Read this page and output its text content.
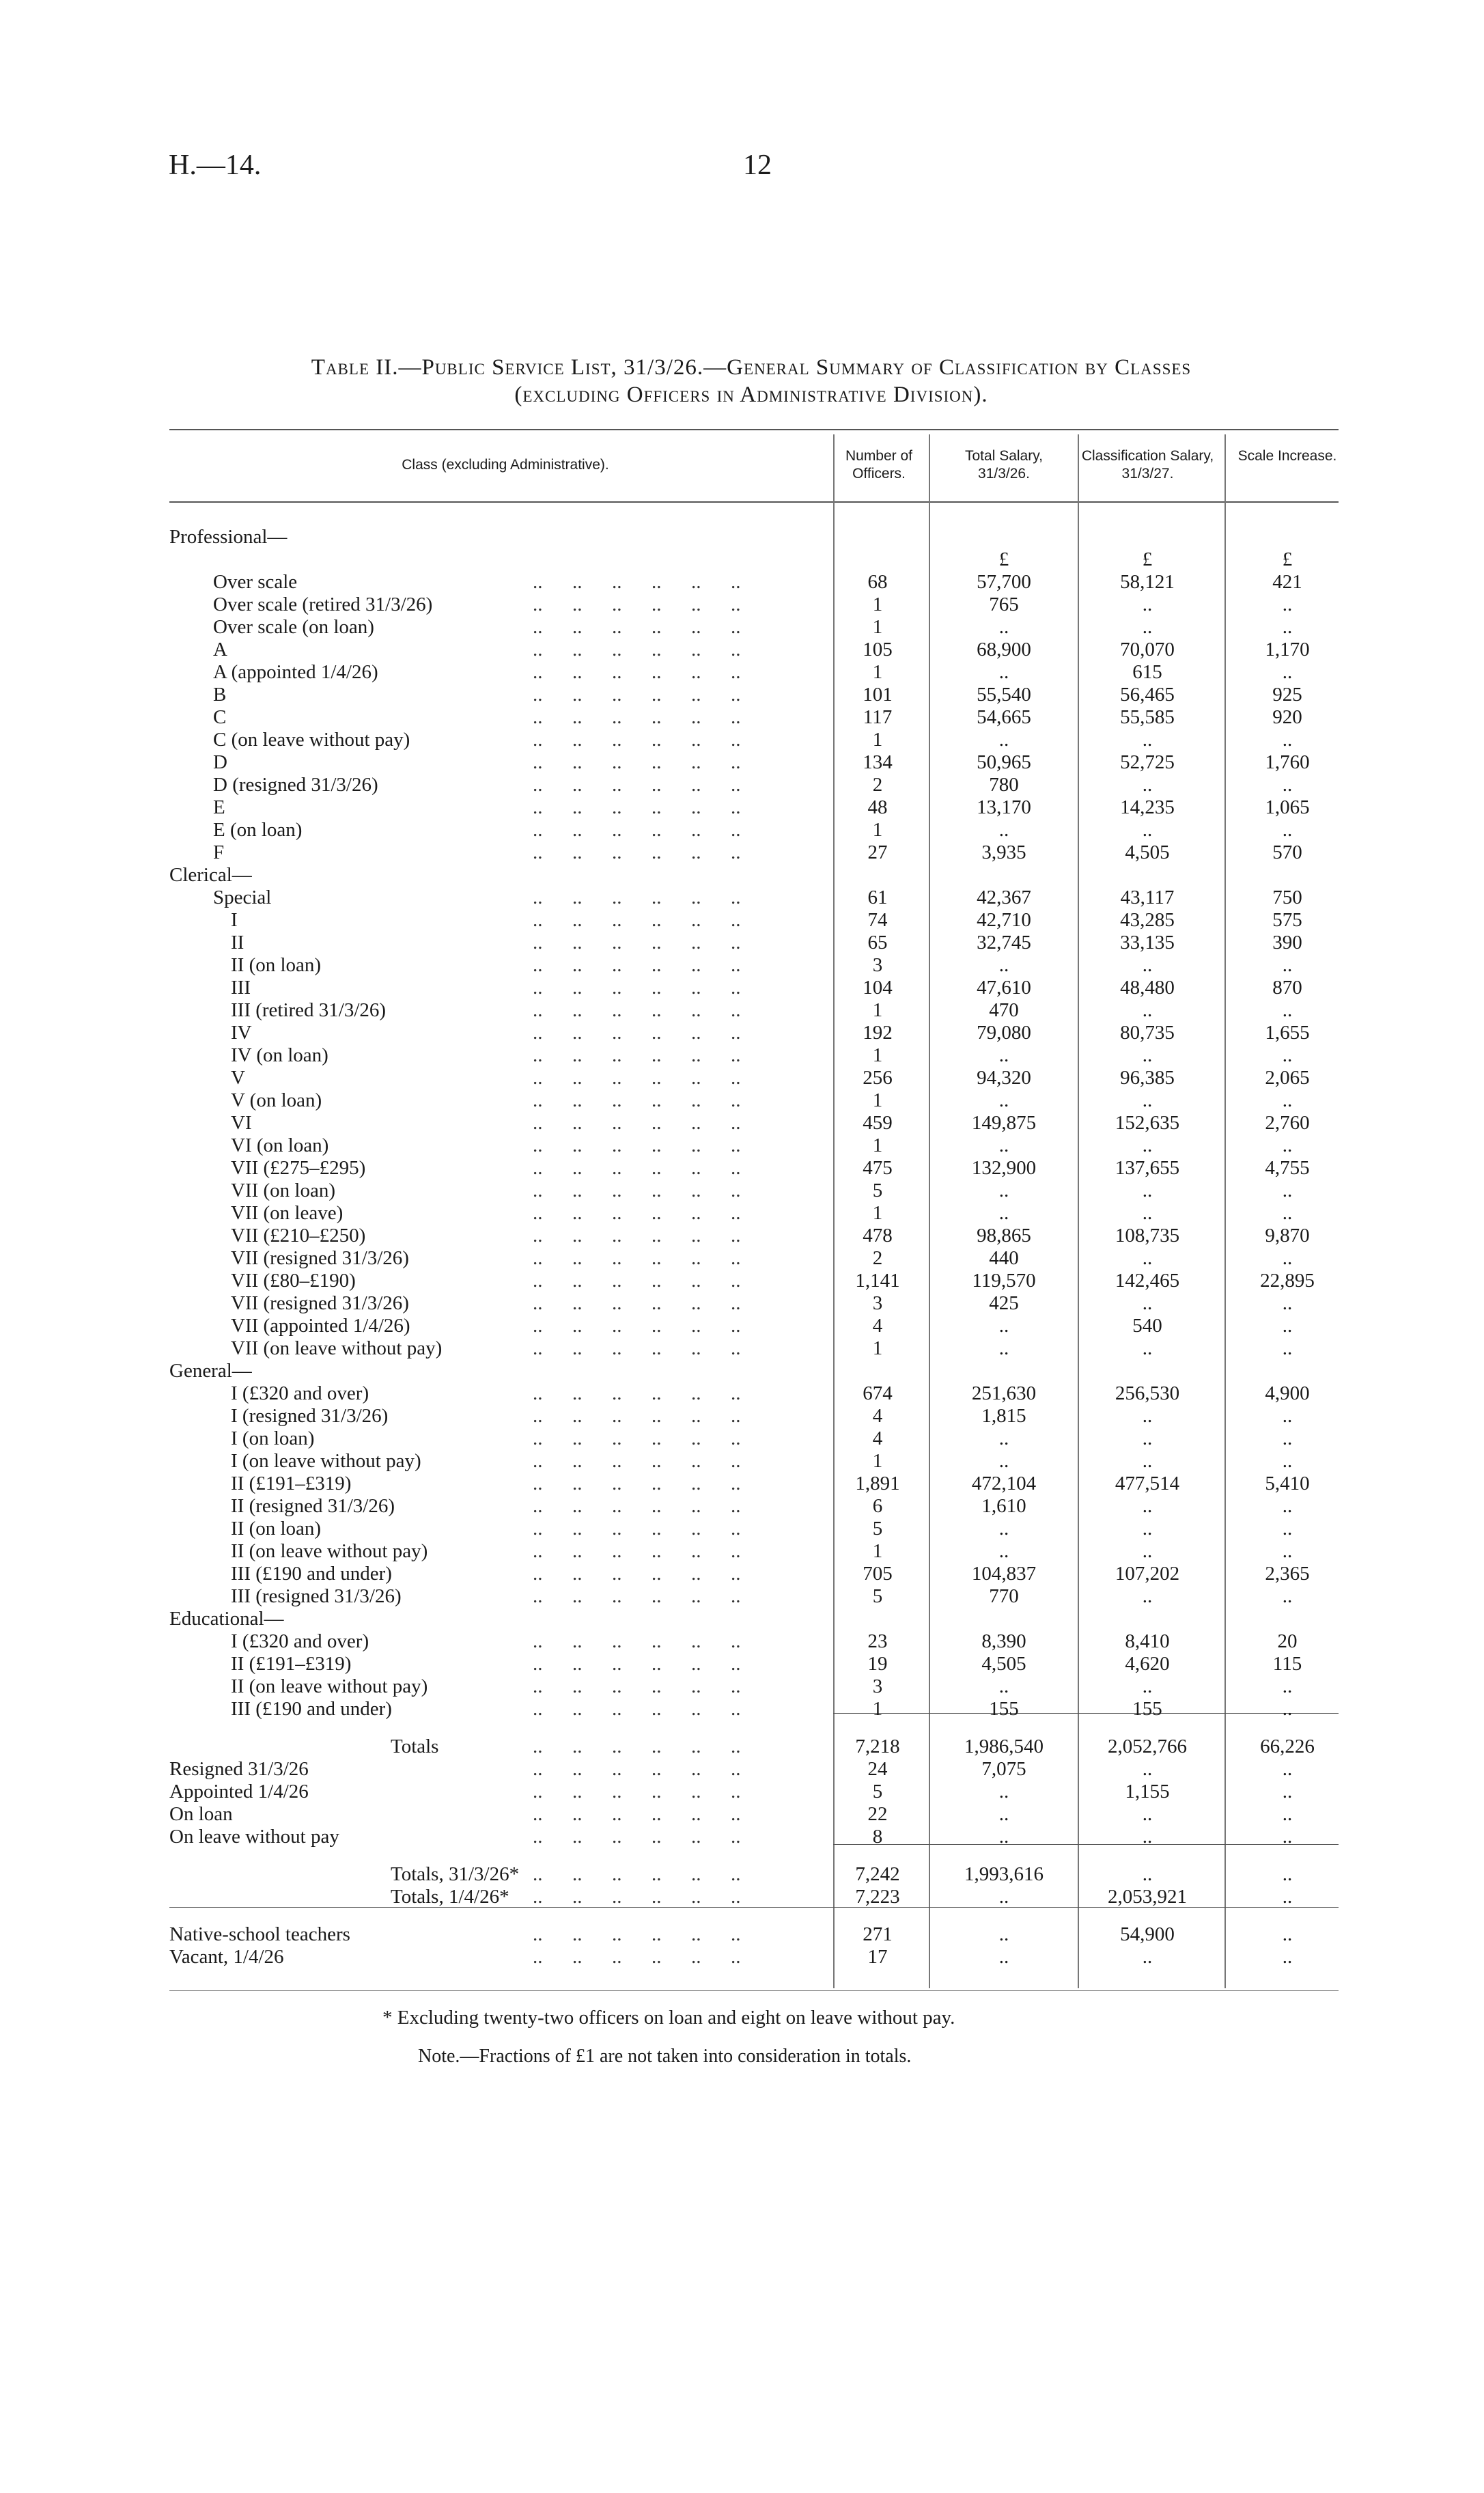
H.—14.	12
Table II.—Public Service List, 31/3/26.—General Summary of Classification by Classes
(excluding Officers in Administrative Division).
Class (excluding Administrative).
Number of Officers.
Total Salary, 31/3/26.
Classification Salary, 31/3/27.
Scale Increase.
Professional—
£	£	£
Over scale	..      ..      ..      ..      ..      ..	68	57,700	58,121	421
Over scale (retired 31/3/26)	..      ..      ..      ..      ..      ..	1	765	..	..
Over scale (on loan)	..      ..      ..      ..      ..      ..	1	..	..	..
A	..      ..      ..      ..      ..      ..	105	68,900	70,070	1,170
A (appointed 1/4/26)	..      ..      ..      ..      ..      ..	1	..	615	..
B	..      ..      ..      ..      ..      ..	101	55,540	56,465	925
C	..      ..      ..      ..      ..      ..	117	54,665	55,585	920
C (on leave without pay)	..      ..      ..      ..      ..      ..	1	..	..	..
D	..      ..      ..      ..      ..      ..	134	50,965	52,725	1,760
D (resigned 31/3/26)	..      ..      ..      ..      ..      ..	2	780	..	..
E	..      ..      ..      ..      ..      ..	48	13,170	14,235	1,065
E (on loan)	..      ..      ..      ..      ..      ..	1	..	..	..
F	..      ..      ..      ..      ..      ..	27	3,935	4,505	570
Clerical—
Special	..      ..      ..      ..      ..      ..	61	42,367	43,117	750
I	..      ..      ..      ..      ..      ..	74	42,710	43,285	575
II	..      ..      ..      ..      ..      ..	65	32,745	33,135	390
II (on loan)	..      ..      ..      ..      ..      ..	3	..	..	..
III	..      ..      ..      ..      ..      ..	104	47,610	48,480	870
III (retired 31/3/26)	..      ..      ..      ..      ..      ..	1	470	..	..
IV	..      ..      ..      ..      ..      ..	192	79,080	80,735	1,655
IV (on loan)	..      ..      ..      ..      ..      ..	1	..	..	..
V	..      ..      ..      ..      ..      ..	256	94,320	96,385	2,065
V (on loan)	..      ..      ..      ..      ..      ..	1	..	..	..
VI	..      ..      ..      ..      ..      ..	459	149,875	152,635	2,760
VI (on loan)	..      ..      ..      ..      ..      ..	1	..	..	..
VII (£275–£295)	..      ..      ..      ..      ..      ..	475	132,900	137,655	4,755
VII (on loan)	..      ..      ..      ..      ..      ..	5	..	..	..
VII (on leave)	..      ..      ..      ..      ..      ..	1	..	..	..
VII (£210–£250)	..      ..      ..      ..      ..      ..	478	98,865	108,735	9,870
VII (resigned 31/3/26)	..      ..      ..      ..      ..      ..	2	440	..	..
VII (£80–£190)	..      ..      ..      ..      ..      ..	1,141	119,570	142,465	22,895
VII (resigned 31/3/26)	..      ..      ..      ..      ..      ..	3	425	..	..
VII (appointed 1/4/26)	..      ..      ..      ..      ..      ..	4	..	540	..
VII (on leave without pay)	..      ..      ..      ..      ..      ..	1	..	..	..
General—
I (£320 and over)	..      ..      ..      ..      ..      ..	674	251,630	256,530	4,900
I (resigned 31/3/26)	..      ..      ..      ..      ..      ..	4	1,815	..	..
I (on loan)	..      ..      ..      ..      ..      ..	4	..	..	..
I (on leave without pay)	..      ..      ..      ..      ..      ..	1	..	..	..
II (£191–£319)	..      ..      ..      ..      ..      ..	1,891	472,104	477,514	5,410
II (resigned 31/3/26)	..      ..      ..      ..      ..      ..	6	1,610	..	..
II (on loan)	..      ..      ..      ..      ..      ..	5	..	..	..
II (on leave without pay)	..      ..      ..      ..      ..      ..	1	..	..	..
III (£190 and under)	..      ..      ..      ..      ..      ..	705	104,837	107,202	2,365
III (resigned 31/3/26)	..      ..      ..      ..      ..      ..	5	770	..	..
Educational—
I (£320 and over)	..      ..      ..      ..      ..      ..	23	8,390	8,410	20
II (£191–£319)	..      ..      ..      ..      ..      ..	19	4,505	4,620	115
II (on leave without pay)	..      ..      ..      ..      ..      ..	3	..	..	..
III (£190 and under)	..      ..      ..      ..      ..      ..	1	155	155	..
Totals	..      ..      ..      ..      ..      ..	7,218	1,986,540	2,052,766	66,226
Resigned 31/3/26	..      ..      ..      ..      ..      ..	24	7,075	..	..
Appointed 1/4/26	..      ..      ..      ..      ..      ..	5	..	1,155	..
On loan	..      ..      ..      ..      ..      ..	22	..	..	..
On leave without pay	..      ..      ..      ..      ..      ..	8	..	..	..
Totals, 31/3/26* ..      ..      ..      ..      ..      ..	7,242	1,993,616	..	..
Totals, 1/4/26* ..      ..      ..      ..      ..      ..	7,223	..	2,053,921	..
Native-school teachers	..      ..      ..      ..      ..      ..	271	..	54,900	..
Vacant, 1/4/26	..      ..      ..      ..      ..      ..	17	..	..	..
* Excluding twenty-two officers on loan and eight on leave without pay.
Note.—Fractions of £1 are not taken into consideration in totals.
